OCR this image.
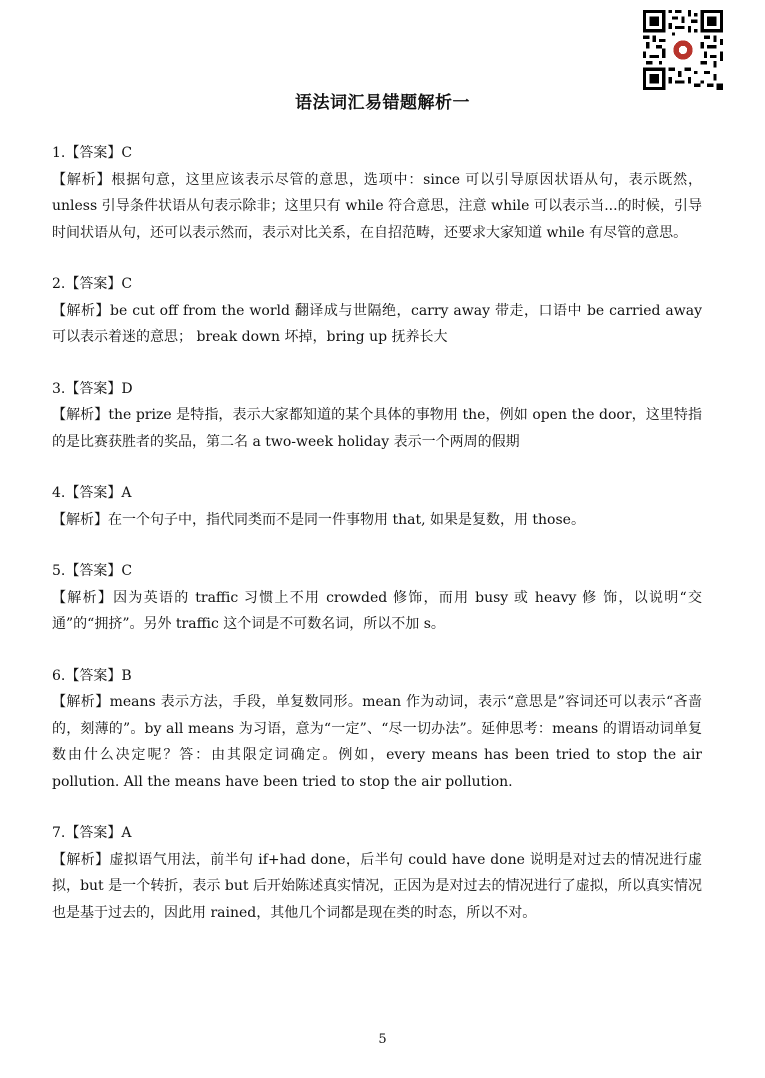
语法词汇易错题解析一

1.【答案】C

【解析】根据句意，这里应该表示尽管的意思，选项中：since 可以引导原因状语从句，表示既然，unless 引导条件状语从句表示除非；这里只有 while 符合意思，注意 while 可以表示当...的时候，引导时间状语从句，还可以表示然而，表示对比关系，在自招范畴，还要求大家知道 while 有尽管的意思。

2.【答案】C

【解析】be cut off from the world 翻译成与世隔绝，carry away 带走，口语中 be carried away 可以表示着迷的意思； break down 坏掉，bring up 抚养长大

3.【答案】D

【解析】the prize 是特指，表示大家都知道的某个具体的事物用 the，例如 open the door，这里特指的是比赛获胜者的奖品，第二名 a two-week holiday 表示一个两周的假期

4.【答案】A

【解析】在一个句子中，指代同类而不是同一件事物用 that, 如果是复数，用 those。

5.【答案】C

【解析】因为英语的 traffic 习惯上不用 crowded 修饰，而用 busy 或 heavy 修 饰，以说明“交通”的“拥挤”。另外 traffic 这个词是不可数名词，所以不加 s。

6.【答案】B

【解析】means 表示方法，手段，单复数同形。mean 作为动词，表示“意思是”容词还可以表示“吝啬的，刻薄的”。by all means 为习语，意为“一定”、“尽一切办法”。延伸思考：means 的谓语动词单复数由什么决定呢？答：由其限定词确定。例如，every means has been tried to stop the air pollution. All the means have been tried to stop the air pollution.

7.【答案】A

【解析】虚拟语气用法，前半句 if+had done，后半句 could have done 说明是对过去的情况进行虚拟，but 是一个转折，表示 but 后开始陈述真实情况，正因为是对过去的情况进行了虚拟，所以真实情况也是基于过去的，因此用 rained，其他几个词都是现在类的时态，所以不对。

5
